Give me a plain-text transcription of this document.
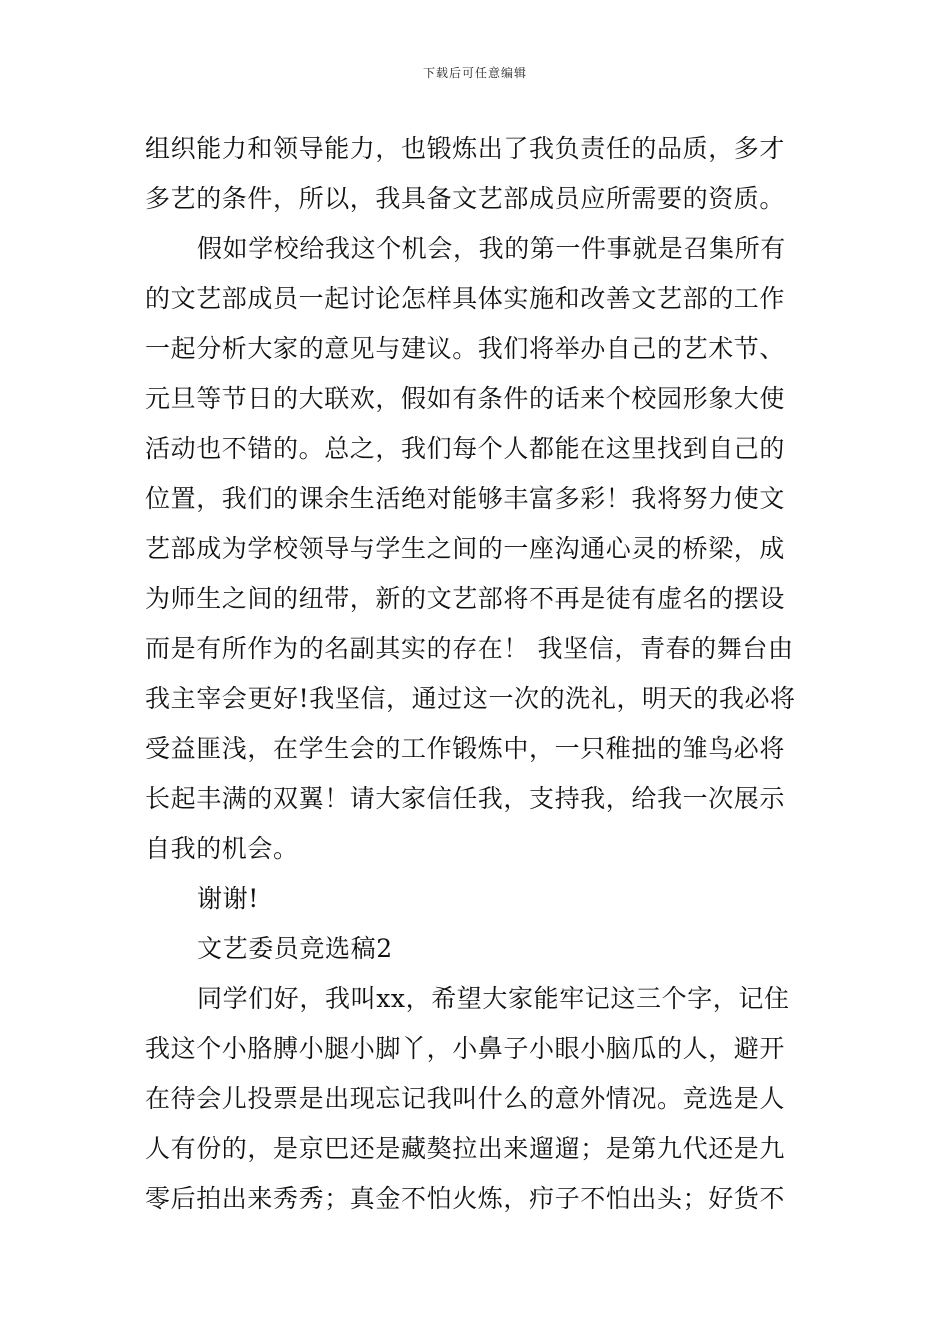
下载后可任意编辑
组织能力和领导能力，也锻炼出了我负责任的品质，多才
多艺的条件，所以，我具备文艺部成员应所需要的资质。
假如学校给我这个机会，我的第一件事就是召集所有
的文艺部成员一起讨论怎样具体实施和改善文艺部的工作
一起分析大家的意见与建议。我们将举办自己的艺术节、
元旦等节日的大联欢，假如有条件的话来个校园形象大使
活动也不错的。总之，我们每个人都能在这里找到自己的
位置，我们的课余生活绝对能够丰富多彩！我将努力使文
艺部成为学校领导与学生之间的一座沟通心灵的桥梁，成
为师生之间的纽带，新的文艺部将不再是徒有虚名的摆设
而是有所作为的名副其实的存在！ 我坚信，青春的舞台由
我主宰会更好!我坚信，通过这一次的洗礼，明天的我必将
受益匪浅，在学生会的工作锻炼中，一只稚拙的雏鸟必将
长起丰满的双翼！请大家信任我，支持我，给我一次展示
自我的机会。
谢谢!
文艺委员竞选稿2
同学们好，我叫xx，希望大家能牢记这三个字，记住
我这个小胳膊小腿小脚丫，小鼻子小眼小脑瓜的人，避开
在待会儿投票是出现忘记我叫什么的意外情况。竞选是人
人有份的，是京巴还是藏獒拉出来遛遛；是第九代还是九
零后拍出来秀秀；真金不怕火炼，疖子不怕出头；好货不
